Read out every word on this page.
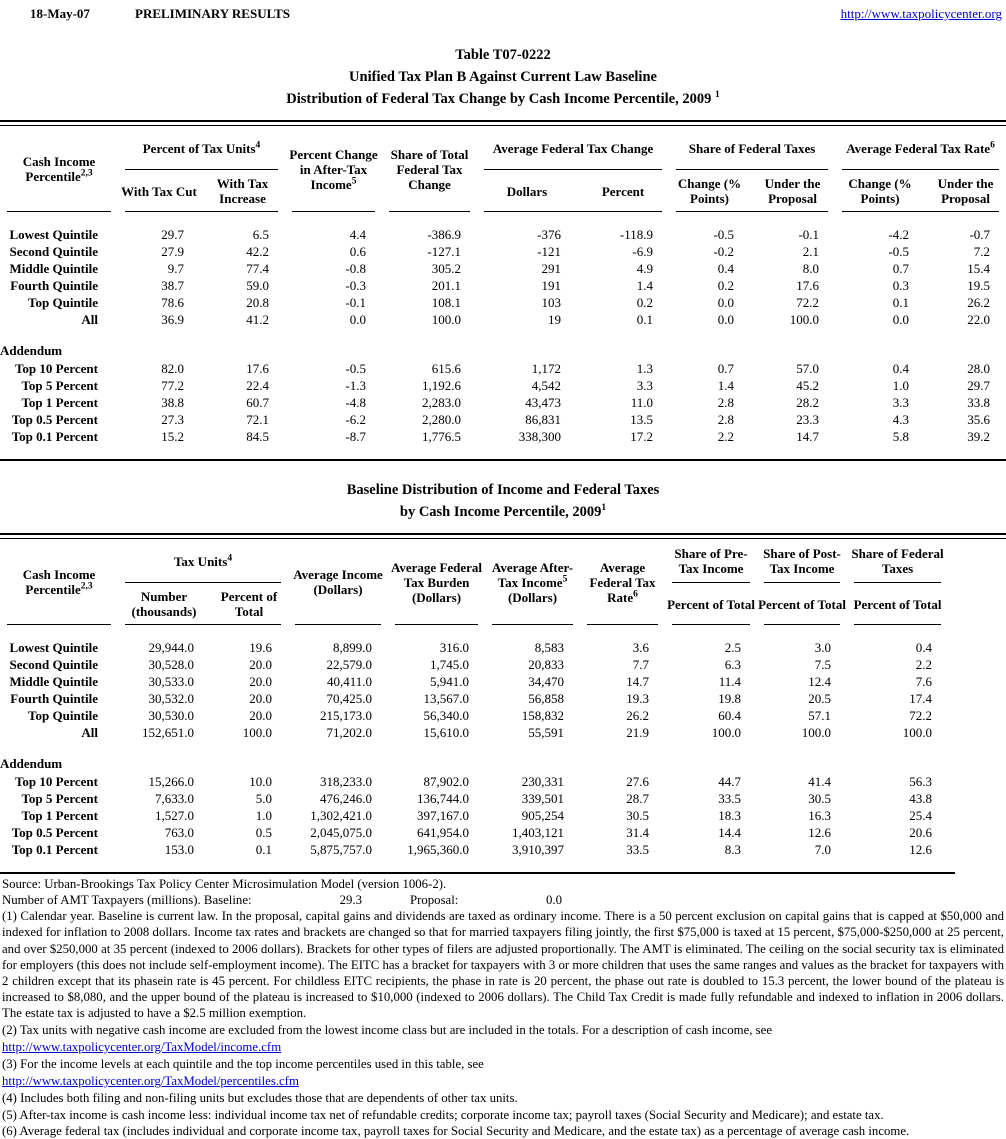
18-May-07	PRELIMINARY RESULTS	http://www.taxpolicycenter.org
Table T07-0222
Unified Tax Plan B Against Current Law Baseline
Distribution of Federal Tax Change by Cash Income Percentile, 2009 $^1$
Cash Income Percentile$^{2,3}$	Percent of Tax Units$^4$		Percent Change in After-Tax Income$^5$	Share of Total Federal Tax Change	Average Federal Tax Change		Share of Federal Taxes		Average Federal Tax Rate$^6$

	With Tax Cut	With Tax Increase			Dollars	Percent	Change (% Points)	Under the Proposal	Change (% Points)	Under the Proposal

Lowest Quintile	29.7	6.5	4.4	-386.9	-376	-118.9	-0.5	-0.1	-4.2	-0.7
Second Quintile	27.9	42.2	0.6	-127.1	-121	-6.9	-0.2	2.1	-0.5	7.2
Middle Quintile	9.7	77.4	-0.8	305.2	291	4.9	0.4	8.0	0.7	15.4
Fourth Quintile	38.7	59.0	-0.3	201.1	191	1.4	0.2	17.6	0.3	19.5
Top Quintile	78.6	20.8	-0.1	108.1	103	0.2	0.0	72.2	0.1	26.2
All	36.9	41.2	0.0	100.0	19	0.1	0.0	100.0	0.0	22.0

Addendum										
Top 10 Percent	82.0	17.6	-0.5	615.6	1,172	1.3	0.7	57.0	0.4	28.0
Top 5 Percent	77.2	22.4	-1.3	1,192.6	4,542	3.3	1.4	45.2	1.0	29.7
Top 1 Percent	38.8	60.7	-4.8	2,283.0	43,473	11.0	2.8	28.2	3.3	33.8
Top 0.5 Percent	27.3	72.1	-6.2	2,280.0	86,831	13.5	2.8	23.3	4.3	35.6
Top 0.1 Percent	15.2	84.5	-8.7	1,776.5	338,300	17.2	2.2	14.7	5.8	39.2

Baseline Distribution of Income and Federal Taxes
by Cash Income Percentile, 2009$^1$
Cash Income Percentile$^{2,3}$	Tax Units$^4$		Average Income (Dollars)	Average Federal Tax Burden (Dollars)	Average After-Tax Income$^5$ (Dollars)	Average Federal Tax Rate$^6$	Share of Pre-Tax Income	Share of Post-Tax Income	Share of Federal Taxes

	Number (thousands)	Percent of Total					Percent of Total	Percent of Total	Percent of Total

Lowest Quintile	29,944.0	19.6	8,899.0	316.0	8,583	3.6	2.5	3.0	0.4
Second Quintile	30,528.0	20.0	22,579.0	1,745.0	20,833	7.7	6.3	7.5	2.2
Middle Quintile	30,533.0	20.0	40,411.0	5,941.0	34,470	14.7	11.4	12.4	7.6
Fourth Quintile	30,532.0	20.0	70,425.0	13,567.0	56,858	19.3	19.8	20.5	17.4
Top Quintile	30,530.0	20.0	215,173.0	56,340.0	158,832	26.2	60.4	57.1	72.2
All	152,651.0	100.0	71,202.0	15,610.0	55,591	21.9	100.0	100.0	100.0

Addendum									
Top 10 Percent	15,266.0	10.0	318,233.0	87,902.0	230,331	27.6	44.7	41.4	56.3
Top 5 Percent	7,633.0	5.0	476,246.0	136,744.0	339,501	28.7	33.5	30.5	43.8
Top 1 Percent	1,527.0	1.0	1,302,421.0	397,167.0	905,254	30.5	18.3	16.3	25.4
Top 0.5 Percent	763.0	0.5	2,045,075.0	641,954.0	1,403,121	31.4	14.4	12.6	20.6
Top 0.1 Percent	153.0	0.1	5,875,757.0	1,965,360.0	3,910,397	33.5	8.3	7.0	12.6

Source: Urban-Brookings Tax Policy Center Microsimulation Model (version 1006-2).
Number of AMT Taxpayers (millions). Baseline:	29.3	Proposal:	0.0
(1) Calendar year. Baseline is current law. In the proposal, capital gains and dividends are taxed as ordinary income. There is a 50 percent exclusion on capital gains that is capped at $50,000 and indexed for inflation to 2008 dollars. Income tax rates and brackets are changed so that for married taxpayers filing jointly, the first $75,000 is taxed at 15 percent, $75,000-$250,000 at 25 percent, and over $250,000 at 35 percent (indexed to 2006 dollars). Brackets for other types of filers are adjusted proportionally. The AMT is eliminated. The ceiling on the social security tax is eliminated for employers (this does not include self-employment income). The EITC has a bracket for taxpayers with 3 or more children that uses the same ranges and values as the bracket for taxpayers with 2 children except that its phasein rate is 45 percent. For childless EITC recipients, the phase in rate is 20 percent, the phase out rate is doubled to 15.3 percent, the lower bound of the plateau is increased to $8,080, and the upper bound of the plateau is increased to $10,000 (indexed to 2006 dollars). The Child Tax Credit is made fully refundable and indexed to inflation in 2006 dollars. The estate tax is adjusted to have a $2.5 million exemption.
(2) Tax units with negative cash income are excluded from the lowest income class but are included in the totals. For a description of cash income, see
http://www.taxpolicycenter.org/TaxModel/income.cfm
(3) For the income levels at each quintile and the top income percentiles used in this table, see
http://www.taxpolicycenter.org/TaxModel/percentiles.cfm
(4) Includes both filing and non-filing units but excludes those that are dependents of other tax units.
(5) After-tax income is cash income less: individual income tax net of refundable credits; corporate income tax; payroll taxes (Social Security and Medicare); and estate tax.
(6) Average federal tax (includes individual and corporate income tax, payroll taxes for Social Security and Medicare, and the estate tax) as a percentage of average cash income.
